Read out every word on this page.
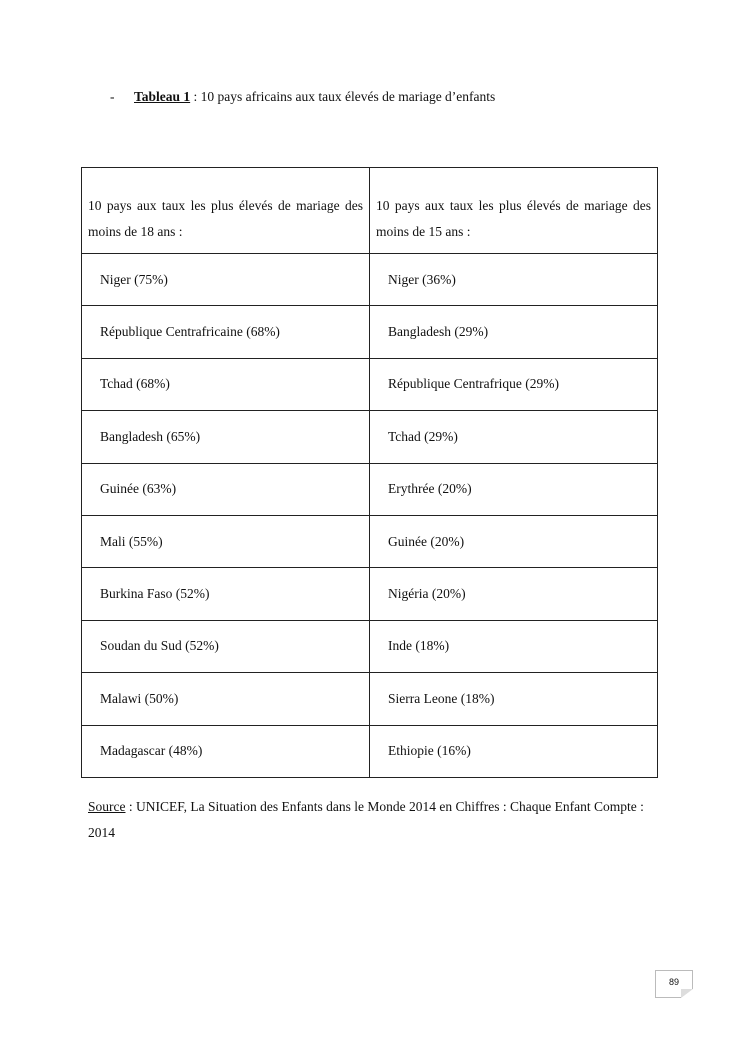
- Tableau 1 : 10 pays africains aux taux élevés de mariage d’enfants
10 pays aux taux les plus élevés de mariage des moins de 18 ans :	10 pays aux taux les plus élevés de mariage des moins de 15 ans :
Niger (75%)	Niger (36%)
République Centrafricaine (68%)	Bangladesh (29%)
Tchad (68%)	République Centrafrique (29%)
Bangladesh (65%)	Tchad (29%)
Guinée (63%)	Erythrée (20%)
Mali (55%)	Guinée (20%)
Burkina Faso (52%)	Nigéria (20%)
Soudan du Sud (52%)	Inde (18%)
Malawi (50%)	Sierra Leone (18%)
Madagascar (48%)	Ethiopie (16%)
Source : UNICEF, La Situation des Enfants dans le Monde 2014 en Chiffres : Chaque Enfant Compte : 2014
89
